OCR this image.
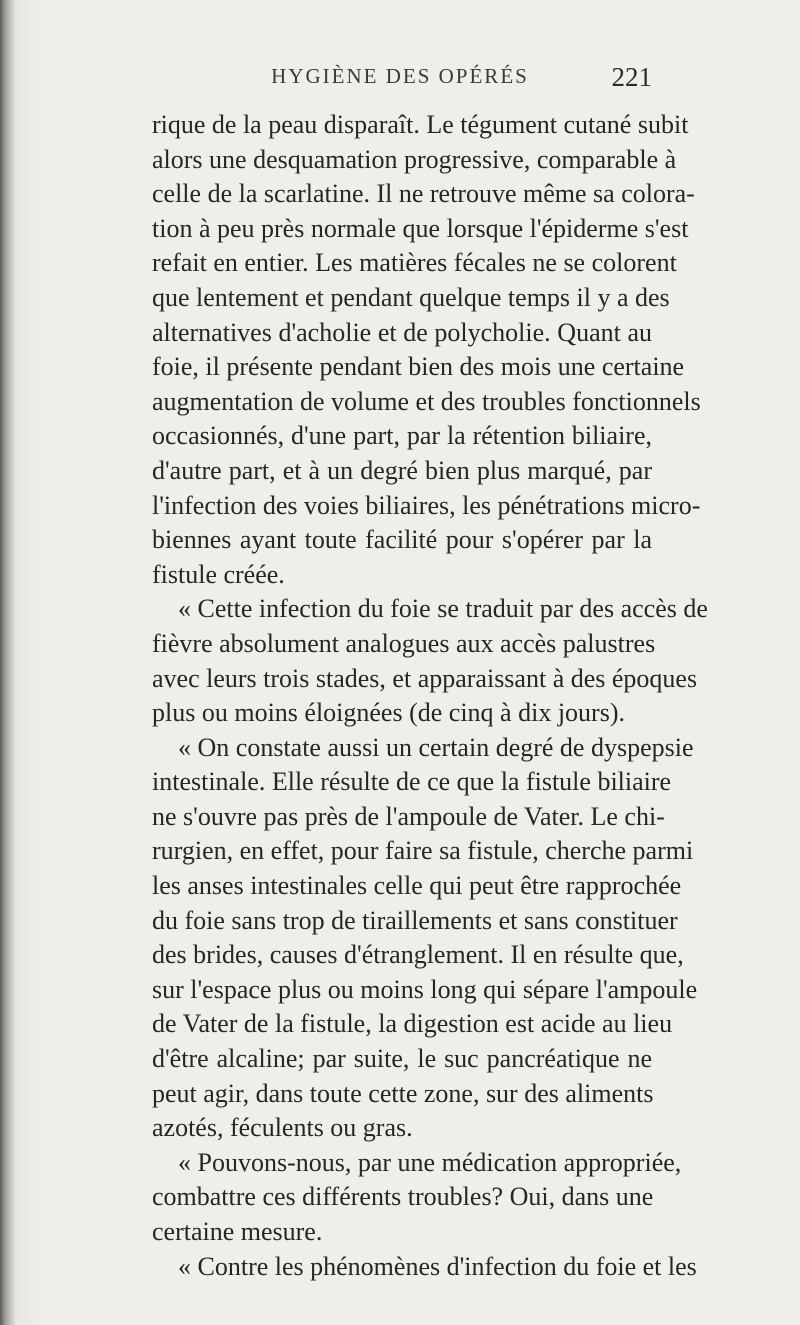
HYGIÈNE DES OPÉRÉS	221
rique de la peau disparaît. Le tégument cutané subit
alors une desquamation progressive, comparable à
celle de la scarlatine. Il ne retrouve même sa colora-
tion à peu près normale que lorsque l'épiderme s'est
refait en entier. Les matières fécales ne se colorent
que lentement et pendant quelque temps il y a des
alternatives d'acholie et de polycholie. Quant au
foie, il présente pendant bien des mois une certaine
augmentation de volume et des troubles fonctionnels
occasionnés, d'une part, par la rétention biliaire,
d'autre part, et à un degré bien plus marqué, par
l'infection des voies biliaires, les pénétrations micro-
biennes ayant toute facilité pour s'opérer par la
fistule créée.
« Cette infection du foie se traduit par des accès de
fièvre absolument analogues aux accès palustres
avec leurs trois stades, et apparaissant à des époques
plus ou moins éloignées (de cinq à dix jours).
« On constate aussi un certain degré de dyspepsie
intestinale. Elle résulte de ce que la fistule biliaire
ne s'ouvre pas près de l'ampoule de Vater. Le chi-
rurgien, en effet, pour faire sa fistule, cherche parmi
les anses intestinales celle qui peut être rapprochée
du foie sans trop de tiraillements et sans constituer
des brides, causes d'étranglement. Il en résulte que,
sur l'espace plus ou moins long qui sépare l'ampoule
de Vater de la fistule, la digestion est acide au lieu
d'être alcaline; par suite, le suc pancréatique ne
peut agir, dans toute cette zone, sur des aliments
azotés, féculents ou gras.
« Pouvons-nous, par une médication appropriée,
combattre ces différents troubles? Oui, dans une
certaine mesure.
« Contre les phénomènes d'infection du foie et les
